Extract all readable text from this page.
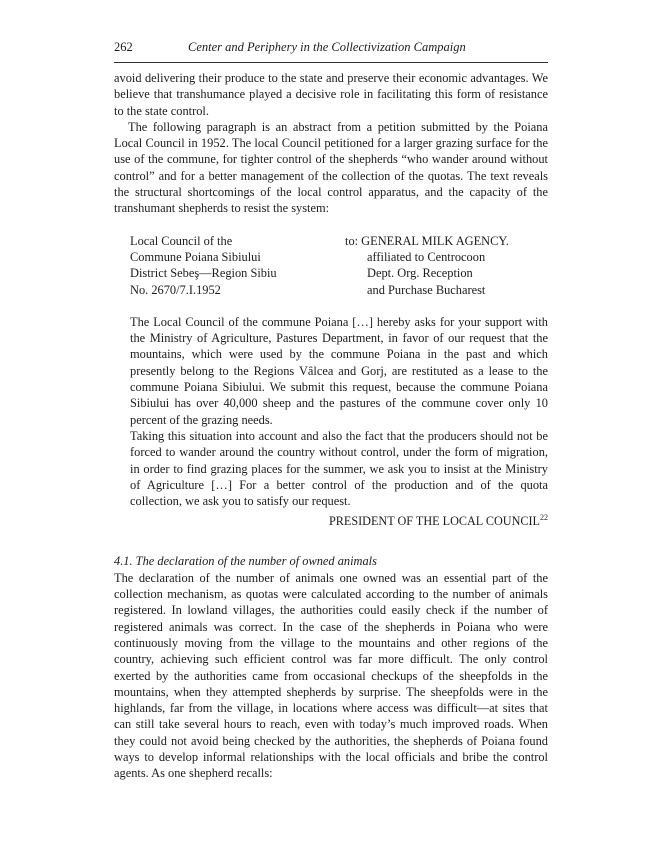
262	Center and Periphery in the Collectivization Campaign

avoid delivering their produce to the state and preserve their economic advantages. We believe that transhumance played a decisive role in facilitating this form of resistance to the state control.

The following paragraph is an abstract from a petition submitted by the Poiana Local Council in 1952. The local Council petitioned for a larger grazing surface for the use of the commune, for tighter control of the shepherds “who wander around without control” and for a better management of the collection of the quotas. The text reveals the structural shortcomings of the local control apparatus, and the capacity of the transhumant shepherds to resist the system:

Local Council of the
Commune Poiana Sibiului
District Sebeş—Region Sibiu
No. 2670/7.I.1952
to: GENERAL MILK AGENCY.
affiliated to Centrocoon
Dept. Org. Reception
and Purchase Bucharest

The Local Council of the commune Poiana […] hereby asks for your support with the Ministry of Agriculture, Pastures Department, in favor of our request that the mountains, which were used by the commune Poiana in the past and which presently belong to the Regions Vâlcea and Gorj, are restituted as a lease to the commune Poiana Sibiului. We submit this request, because the commune Poiana Sibiului has over 40,000 sheep and the pastures of the commune cover only 10 percent of the grazing needs.

Taking this situation into account and also the fact that the producers should not be forced to wander around the country without control, under the form of migration, in order to find grazing places for the summer, we ask you to insist at the Ministry of Agriculture […] For a better control of the production and of the quota collection, we ask you to satisfy our request.

PRESIDENT OF THE LOCAL COUNCIL$^{22}$
4.1. The declaration of the number of owned animals

The declaration of the number of animals one owned was an essential part of the collection mechanism, as quotas were calculated according to the number of animals registered. In lowland villages, the authorities could easily check if the number of registered animals was correct. In the case of the shepherds in Poiana who were continuously moving from the village to the mountains and other regions of the country, achieving such efficient control was far more difficult. The only control exerted by the authorities came from occasional checkups of the sheepfolds in the mountains, when they attempted shepherds by surprise. The sheepfolds were in the highlands, far from the village, in locations where access was difficult—at sites that can still take several hours to reach, even with today’s much improved roads. When they could not avoid being checked by the authorities, the shepherds of Poiana found ways to develop informal relationships with the local officials and bribe the control agents. As one shepherd recalls:
